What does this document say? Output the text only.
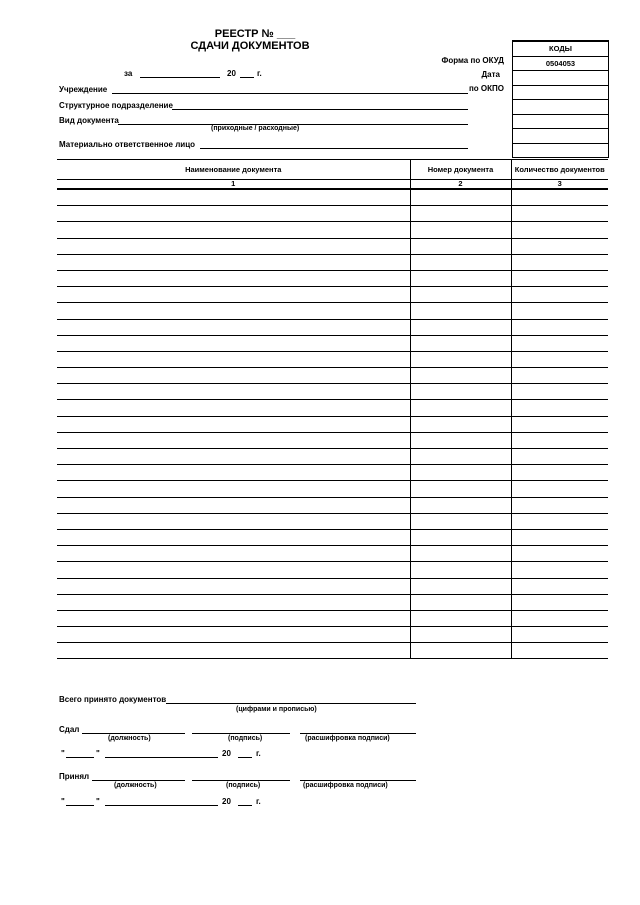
РЕЕСТР № ___
СДАЧИ ДОКУМЕНТОВ
Форма по ОКУД
Дата
по ОКПО
КОДЫ
0504053
за	20	г.
Учреждение
Структурное подразделение
Вид документа
(приходные / расходные)
Материально ответственное лицо
Наименование документа	Номер документа	Количество документов
1	2	3

Всего принято документов
(цифрами и прописью)
Сдал
(должность)	(подпись)	(расшифровка подписи)
"	"	20	г.
Принял
(должность)	(подпись)	(расшифровка подписи)
"	"	20	г.
